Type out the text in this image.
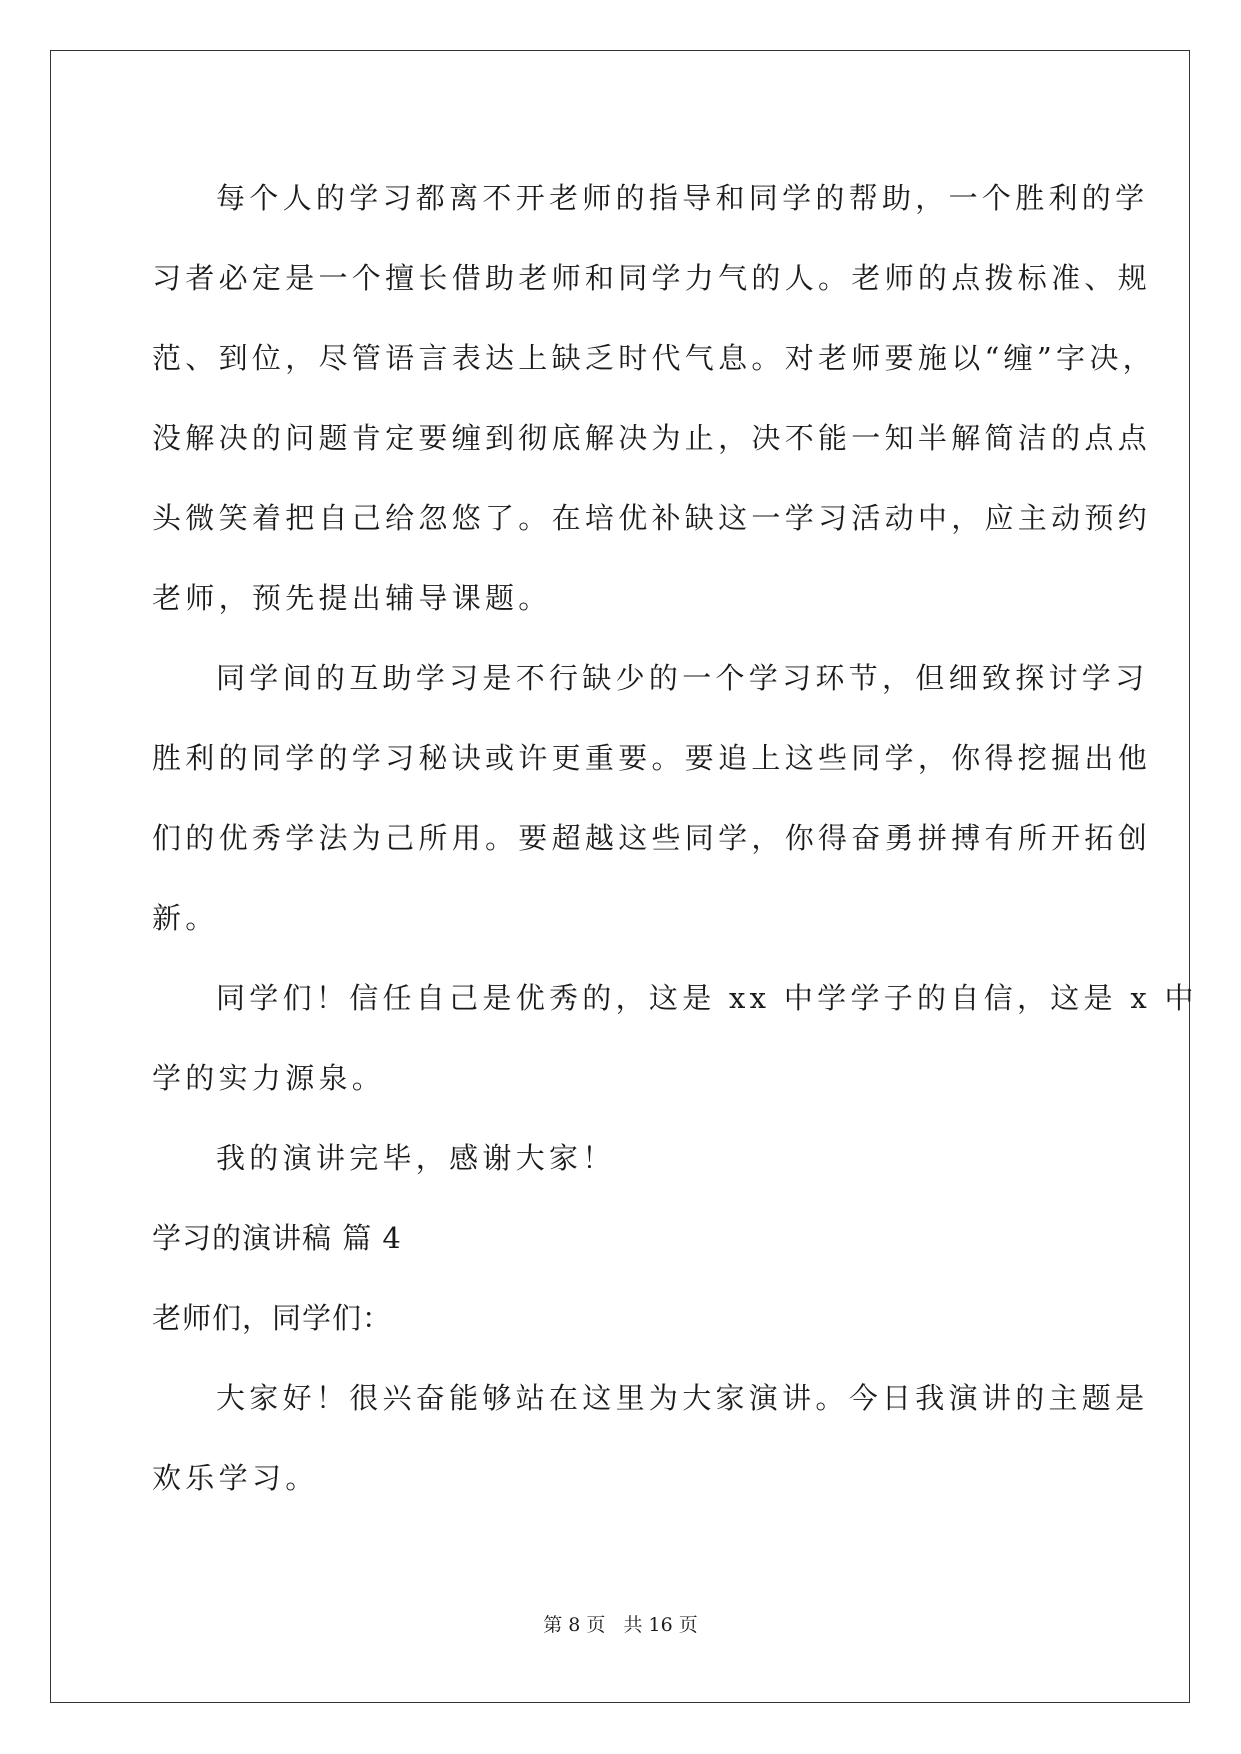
每个人的学习都离不开老师的指导和同学的帮助，一个胜利的学
习者必定是一个擅长借助老师和同学力气的人。老师的点拨标准、规
范、到位，尽管语言表达上缺乏时代气息。对老师要施以“缠”字决，
没解决的问题肯定要缠到彻底解决为止，决不能一知半解简洁的点点
头微笑着把自己给忽悠了。在培优补缺这一学习活动中，应主动预约
老师，预先提出辅导课题。
同学间的互助学习是不行缺少的一个学习环节，但细致探讨学习
胜利的同学的学习秘诀或许更重要。要追上这些同学，你得挖掘出他
们的优秀学法为己所用。要超越这些同学，你得奋勇拼搏有所开拓创
新。
同学们！信任自己是优秀的，这是 xx 中学学子的自信，这是 x 中
学的实力源泉。
我的演讲完毕，感谢大家！
学习的演讲稿 篇 4
老师们，同学们：
大家好！很兴奋能够站在这里为大家演讲。今日我演讲的主题是
欢乐学习。
第 8 页 共 16 页
